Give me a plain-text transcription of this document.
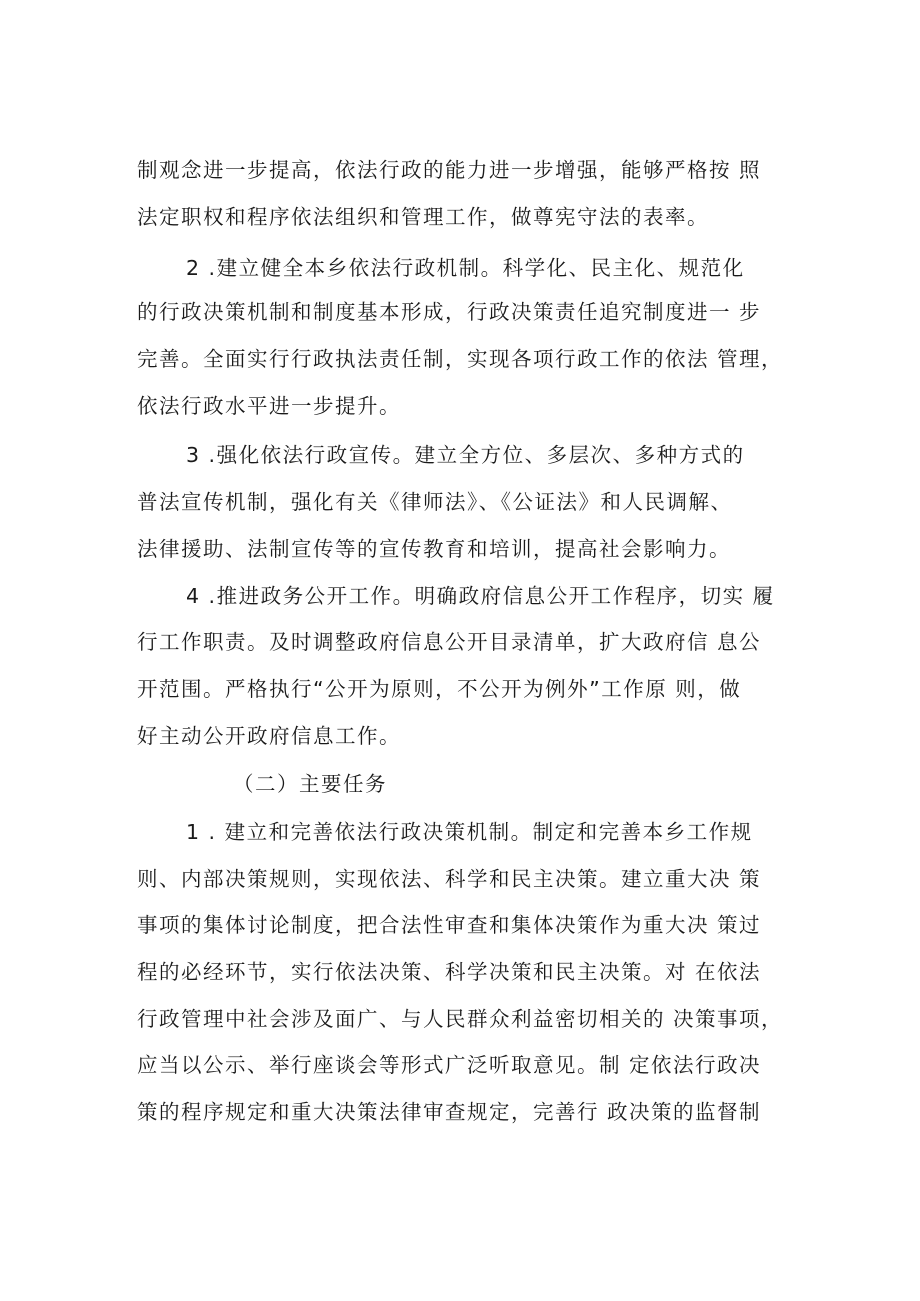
制观念进一步提高，依法行政的能力进一步增强，能够严格按 照
法定职权和程序依法组织和管理工作，做尊宪守法的表率。
2 .建立健全本乡依法行政机制。科学化、民主化、规范化
的行政决策机制和制度基本形成，行政决策责任追究制度进一 步
完善。全面实行行政执法责任制，实现各项行政工作的依法 管理，
依法行政水平进一步提升。
3 .强化依法行政宣传。建立全方位、多层次、多种方式的
普法宣传机制，强化有关《律师法》、《公证法》和人民调解、
法律援助、法制宣传等的宣传教育和培训，提高社会影响力。
4 .推进政务公开工作。明确政府信息公开工作程序，切实 履
行工作职责。及时调整政府信息公开目录清单，扩大政府信 息公
开范围。严格执行“公开为原则，不公开为例外”工作原 则，做
好主动公开政府信息工作。
（二）主要任务
1 . 建立和完善依法行政决策机制。制定和完善本乡工作规
则、内部决策规则，实现依法、科学和民主决策。建立重大决 策
事项的集体讨论制度，把合法性审查和集体决策作为重大决 策过
程的必经环节，实行依法决策、科学决策和民主决策。对 在依法
行政管理中社会涉及面广、与人民群众利益密切相关的 决策事项，
应当以公示、举行座谈会等形式广泛听取意见。制 定依法行政决
策的程序规定和重大决策法律审查规定，完善行 政决策的监督制
